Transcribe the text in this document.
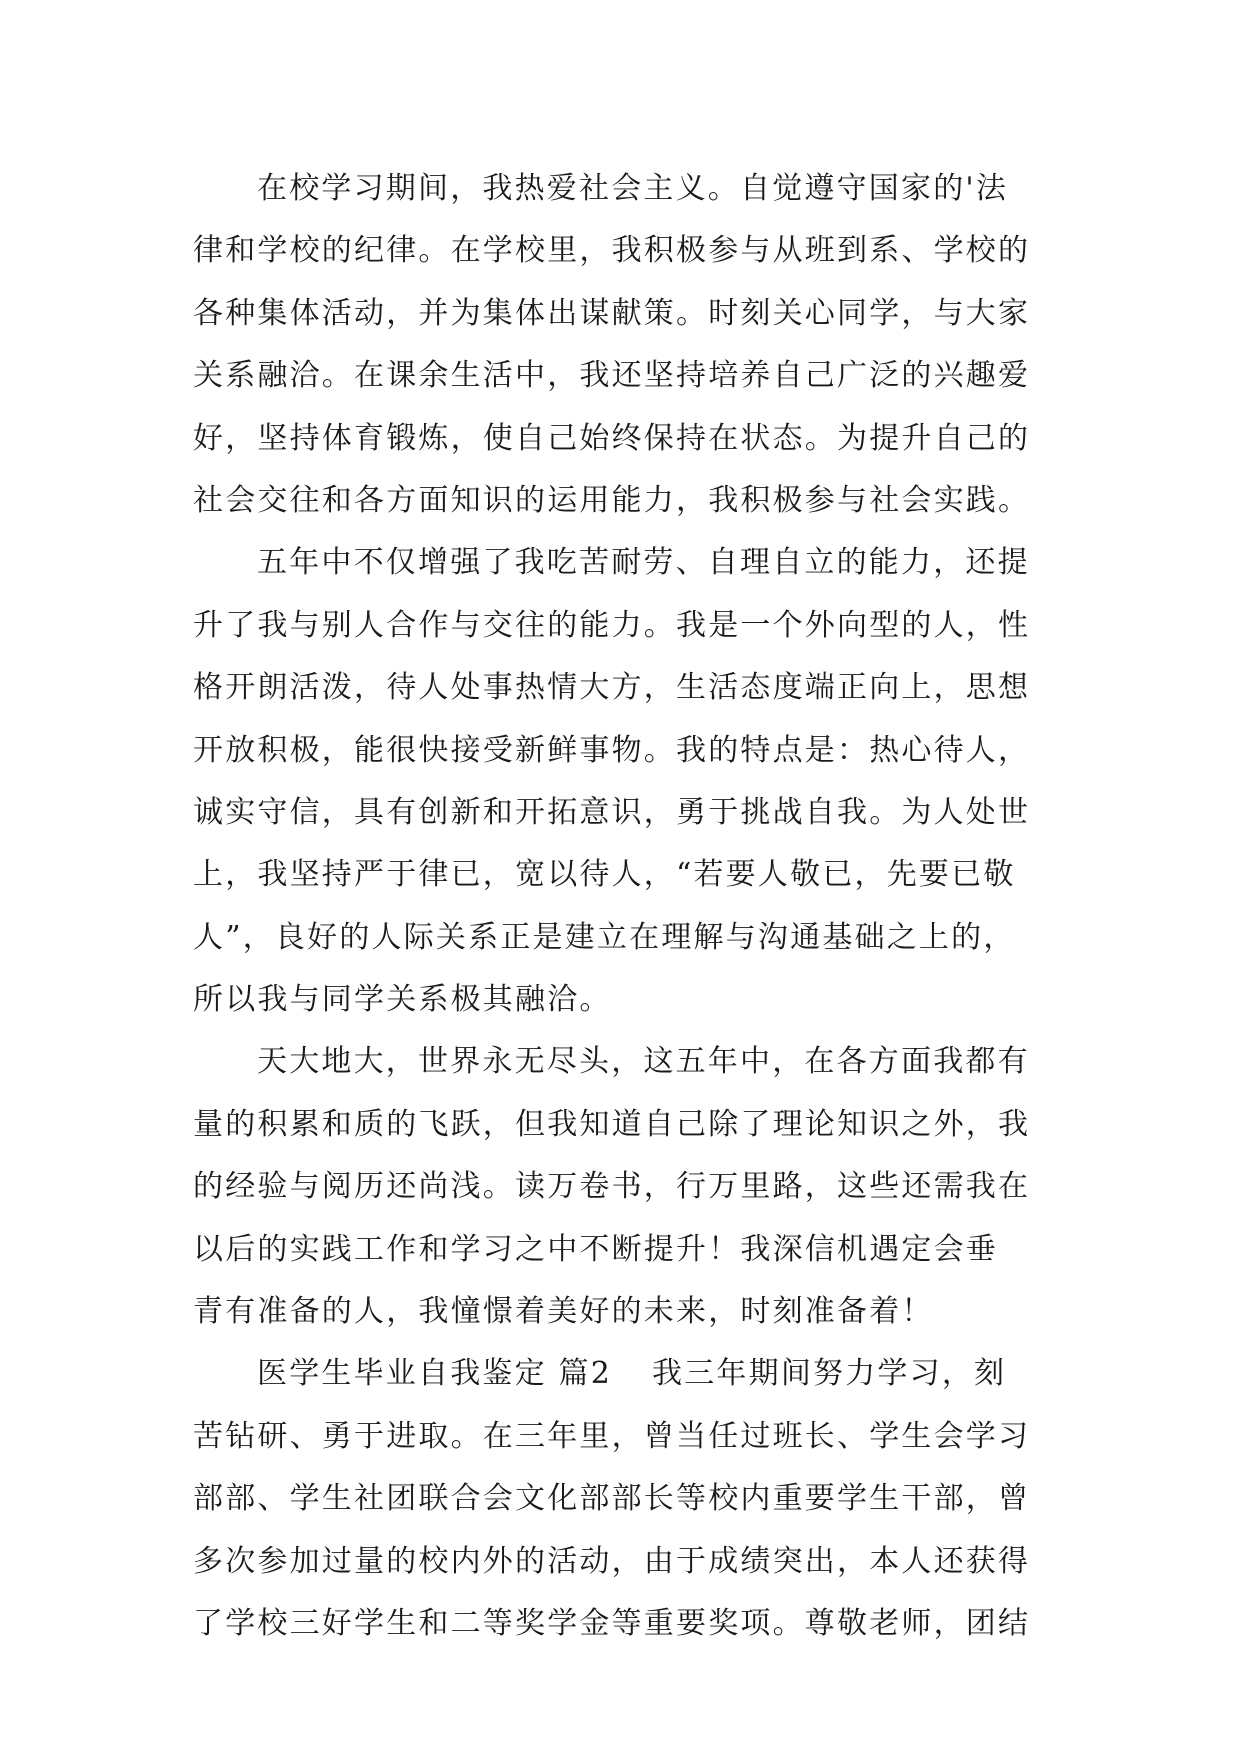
在校学习期间，我热爱社会主义。自觉遵守国家的'法
律和学校的纪律。在学校里，我积极参与从班到系、学校的
各种集体活动，并为集体出谋献策。时刻关心同学，与大家
关系融洽。在课余生活中，我还坚持培养自己广泛的兴趣爱
好，坚持体育锻炼，使自己始终保持在状态。为提升自己的
社会交往和各方面知识的运用能力，我积极参与社会实践。
五年中不仅增强了我吃苦耐劳、自理自立的能力，还提
升了我与别人合作与交往的能力。我是一个外向型的人，性
格开朗活泼，待人处事热情大方，生活态度端正向上，思想
开放积极，能很快接受新鲜事物。我的特点是：热心待人，
诚实守信，具有创新和开拓意识，勇于挑战自我。为人处世
上，我坚持严于律已，宽以待人，“若要人敬已，先要已敬
人”，良好的人际关系正是建立在理解与沟通基础之上的，
所以我与同学关系极其融洽。
天大地大，世界永无尽头，这五年中，在各方面我都有
量的积累和质的飞跃，但我知道自己除了理论知识之外，我
的经验与阅历还尚浅。读万卷书，行万里路，这些还需我在
以后的实践工作和学习之中不断提升！我深信机遇定会垂
青有准备的人，我憧憬着美好的未来，时刻准备着！
医学生毕业自我鉴定 篇2 我三年期间努力学习，刻
苦钻研、勇于进取。在三年里，曾当任过班长、学生会学习
部部、学生社团联合会文化部部长等校内重要学生干部，曾
多次参加过量的校内外的活动，由于成绩突出，本人还获得
了学校三好学生和二等奖学金等重要奖项。尊敬老师，团结
